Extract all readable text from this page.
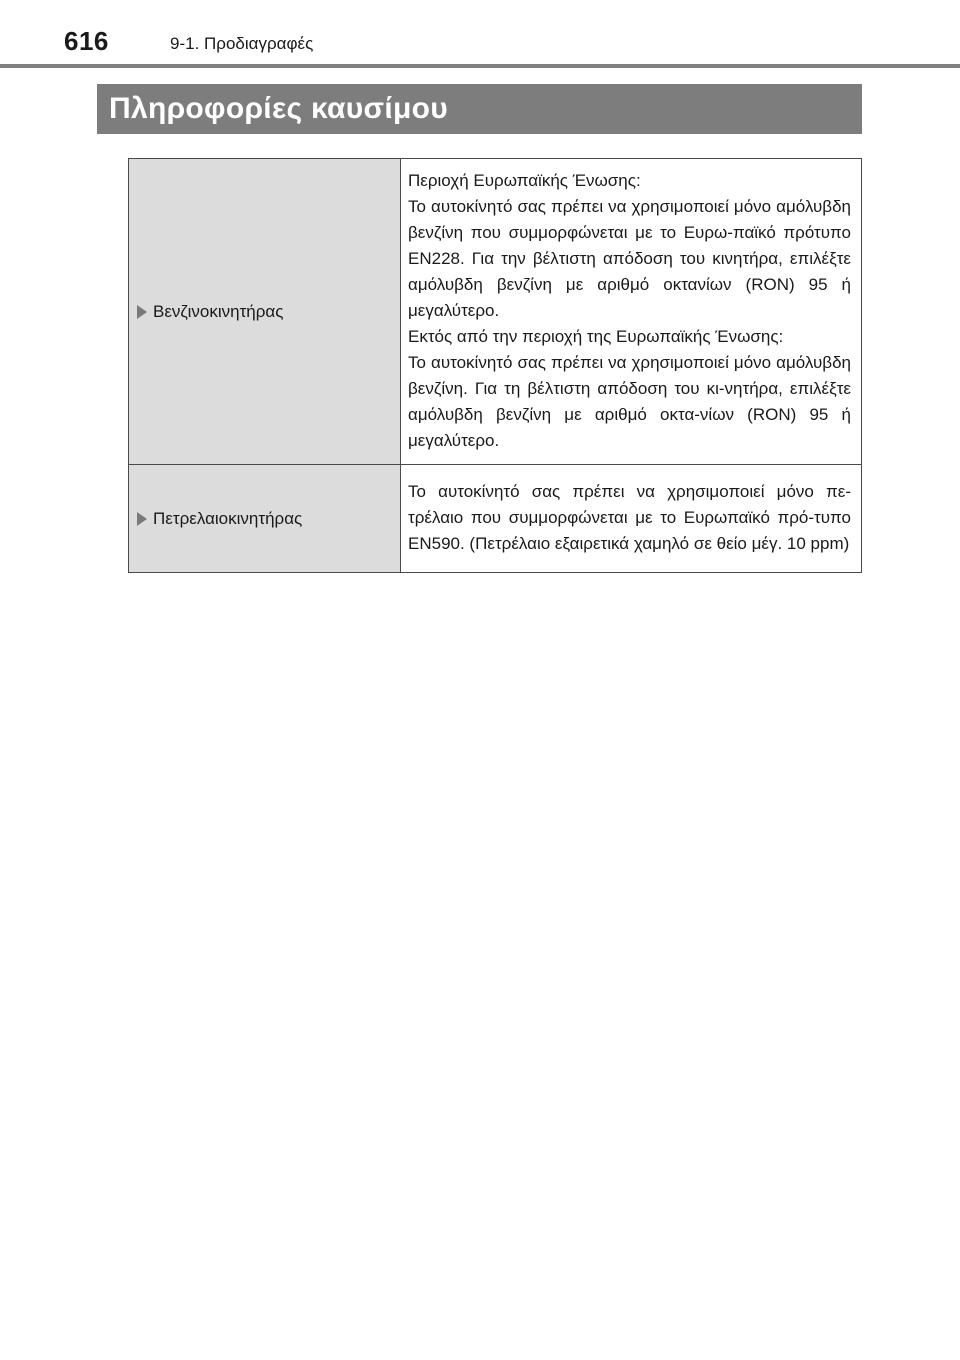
616	9-1. Προδιαγραφές
Πληροφορίες καυσίμου
Βενζινοκινητήρας	Περιοχή Ευρωπαϊκής Ένωσης:

Το αυτοκίνητό σας πρέπει να χρησιμοποιεί μόνο αμόλυβδη βενζίνη που συμμορφώνεται με το Ευρω-παϊκό πρότυπο EN228. Για την βέλτιστη απόδοση του κινητήρα, επιλέξτε αμόλυβδη βενζίνη με αριθμό οκτανίων (RON) 95 ή μεγαλύτερο.

Εκτός από την περιοχή της Ευρωπαϊκής Ένωσης:

Το αυτοκίνητό σας πρέπει να χρησιμοποιεί μόνο αμόλυβδη βενζίνη. Για τη βέλτιστη απόδοση του κι-νητήρα, επιλέξτε αμόλυβδη βενζίνη με αριθμό οκτα-νίων (RON) 95 ή μεγαλύτερο.

Πετρελαιοκινητήρας	Το αυτοκίνητό σας πρέπει να χρησιμοποιεί μόνο πε-τρέλαιο που συμμορφώνεται με το Ευρωπαϊκό πρό-τυπο EN590. (Πετρέλαιο εξαιρετικά χαμηλό σε θείο μέγ. 10 ppm)
